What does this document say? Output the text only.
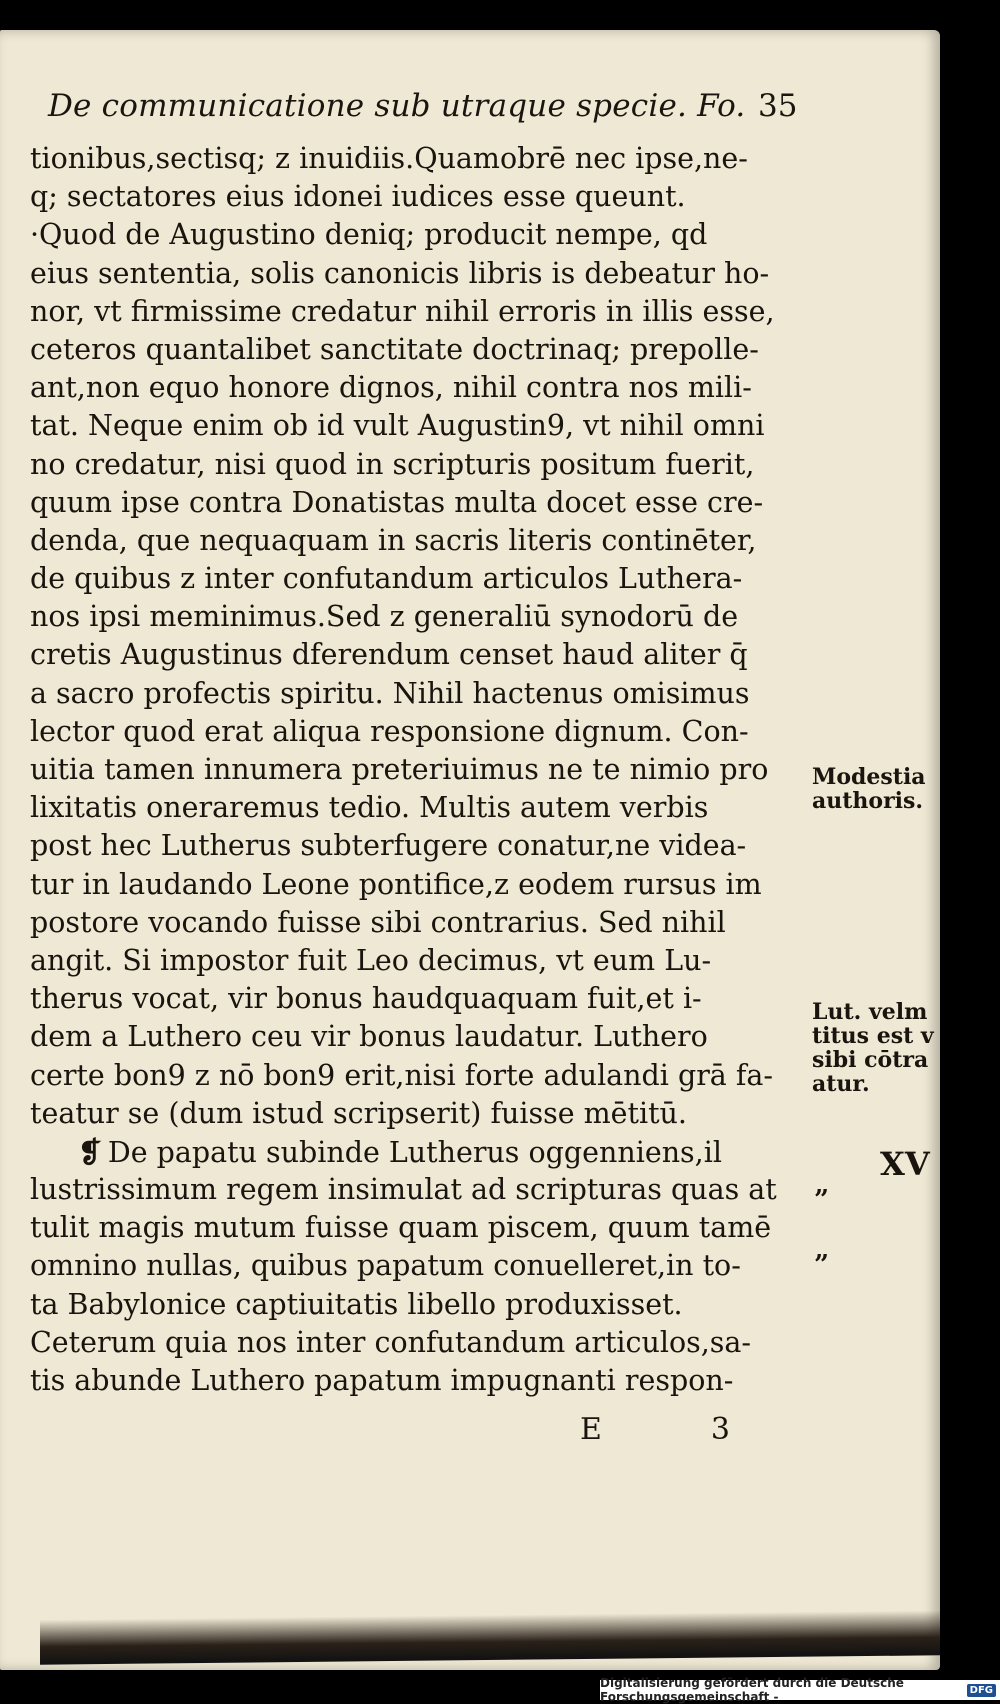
De communicatione sub utraque specie. Fo. 35
tionibus,sectisq; z inuidiis.Quamobrē nec ipse,ne-
q; sectatores eius idonei iudices esse queunt.
·Quod de Augustino deniq; producit nempe, qd
eius sententia, solis canonicis libris is debeatur ho-
nor, vt firmissime credatur nihil erroris in illis esse,
ceteros quantalibet sanctitate doctrinaq; prepolle-
ant,non equo honore dignos, nihil contra nos mili-
tat. Neque enim ob id vult Augustin9, vt nihil omni
no credatur, nisi quod in scripturis positum fuerit,
quum ipse contra Donatistas multa docet esse cre-
denda, que nequaquam in sacris literis continēter,
de quibus z inter confutandum articulos Luthera-
nos ipsi meminimus.Sed z generaliū synodorū de
cretis Augustinus dferendum censet haud aliter q̄
a sacro profectis spiritu. Nihil hactenus omisimus
lector quod erat aliqua responsione dignum. Con-
uitia tamen innumera preteriuimus ne te nimio pro
lixitatis oneraremus tedio. Multis autem verbis
post hec Lutherus subterfugere conatur,ne videa-
tur in laudando Leone pontifice,z eodem rursus im
postore vocando fuisse sibi contrarius. Sed nihil
angit. Si impostor fuit Leo decimus, vt eum Lu-
therus vocat, vir bonus haudquaquam fuit,et i-
dem a Luthero ceu vir bonus laudatur. Luthero
certe bon9 z nō bon9 erit,nisi forte adulandi grā fa-
teatur se (dum istud scripserit) fuisse mētitū.
❡ De papatu subinde Lutherus oggenniens,il
lustrissimum regem insimulat ad scripturas quas at
tulit magis mutum fuisse quam piscem, quum tamē
omnino nullas, quibus papatum conuelleret,in to-
ta Babylonice captiuitatis libello produxisset.
Ceterum quia nos inter confutandum articulos,sa-
tis abunde Luthero papatum impugnanti respon-
Modestia
authoris.
Lut. velm
titus est v
sibi cōtra
atur.
XV
”
”
E	3
Digitalisierung gefördert durch die Deutsche Forschungsgemeinschaft -	DFG
